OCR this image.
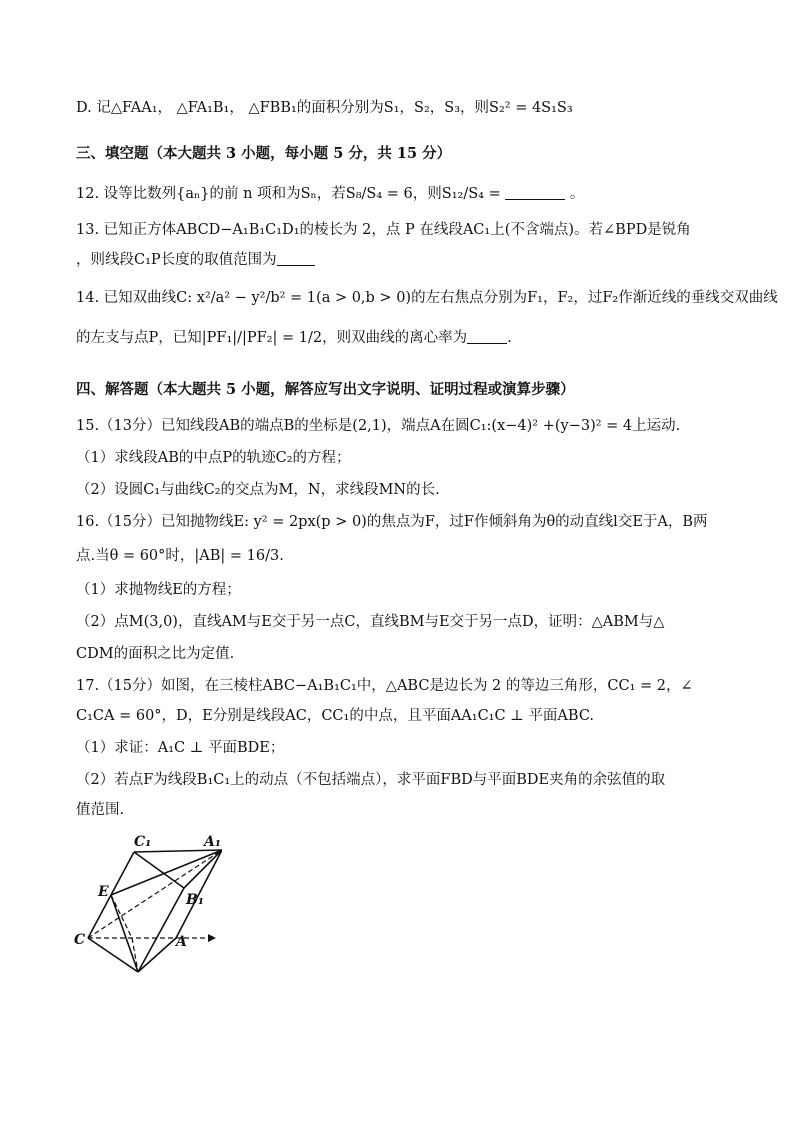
D. 记△FAA₁， △FA₁B₁， △FBB₁的面积分别为S₁，S₂，S₃，则S₂² = 4S₁S₃
三、填空题（本大题共 3 小题，每小题 5 分，共 15 分）
12. 设等比数列{aₙ}的前 n 项和为Sₙ，若S₈/S₄ = 6，则S₁₂/S₄ =	。
13. 已知正方体ABCD−A₁B₁C₁D₁的棱长为 2，点 P 在线段AC₁上(不含端点)。若∠BPD是锐角
，则线段C₁P长度的取值范围为
14. 已知双曲线C: x²/a² − y²/b² = 1(a > 0,b > 0)的左右焦点分别为F₁，F₂，过F₂作渐近线的垂线交双曲线
的左支与点P，已知|PF₁|/|PF₂| = 1/2，则双曲线的离心率为	.
四、解答题（本大题共 5 小题，解答应写出文字说明、证明过程或演算步骤）
15.（13分）已知线段AB的端点B的坐标是(2,1)，端点A在圆C₁:(x−4)² +(y−3)² = 4上运动.
（1）求线段AB的中点P的轨迹C₂的方程；
（2）设圆C₁与曲线C₂的交点为M，N，求线段MN的长.
16.（15分）已知抛物线E: y² = 2px(p > 0)的焦点为F，过F作倾斜角为θ的动直线l交E于A，B两
点.当θ = 60°时，|AB| = 16/3.
（1）求抛物线E的方程；
（2）点M(3,0)，直线AM与E交于另一点C，直线BM与E交于另一点D，证明：△ABM与△
CDM的面积之比为定值.
17.（15分）如图，在三棱柱ABC−A₁B₁C₁中，△ABC是边长为 2 的等边三角形，CC₁ = 2，∠
C₁CA = 60°，D，E分别是线段AC，CC₁的中点，且平面AA₁C₁C ⊥ 平面ABC.
（1）求证：A₁C ⊥ 平面BDE；
（2）若点F为线段B₁C₁上的动点（不包括端点），求平面FBD与平面BDE夹角的余弦值的取
值范围.
C₁	A₁
E	B₁
C	A
